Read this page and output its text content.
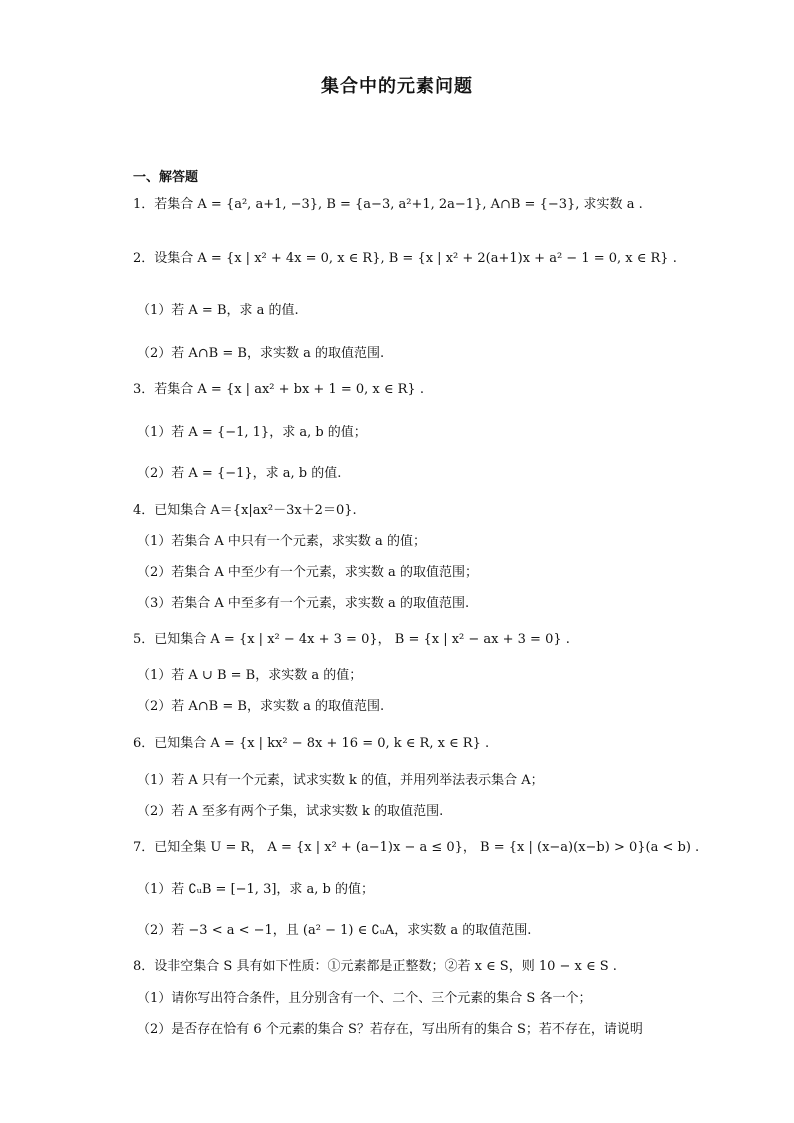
集合中的元素问题
一、解答题
1．若集合 A = {a², a+1, −3}, B = {a−3, a²+1, 2a−1}, A∩B = {−3}, 求实数 a .
2．设集合 A = {x | x² + 4x = 0, x ∈ R}, B = {x | x² + 2(a+1)x + a² − 1 = 0, x ∈ R} .
（1）若 A = B，求 a 的值.
（2）若 A∩B = B，求实数 a 的取值范围.
3．若集合 A = {x | ax² + bx + 1 = 0, x ∈ R} .
（1）若 A = {−1, 1}，求 a, b 的值；
（2）若 A = {−1}，求 a, b 的值.
4．已知集合 A＝{x|ax²－3x＋2＝0}.
（1）若集合 A 中只有一个元素，求实数 a 的值；
（2）若集合 A 中至少有一个元素，求实数 a 的取值范围；
（3）若集合 A 中至多有一个元素，求实数 a 的取值范围.
5．已知集合 A = {x | x² − 4x + 3 = 0}， B = {x | x² − ax + 3 = 0} .
（1）若 A ∪ B = B，求实数 a 的值；
（2）若 A∩B = B，求实数 a 的取值范围.
6．已知集合 A = {x | kx² − 8x + 16 = 0, k ∈ R, x ∈ R} .
（1）若 A 只有一个元素，试求实数 k 的值，并用列举法表示集合 A；
（2）若 A 至多有两个子集，试求实数 k 的取值范围.
7．已知全集 U = R， A = {x | x² + (a−1)x − a ≤ 0}， B = {x | (x−a)(x−b) > 0}(a < b) .
（1）若 ∁ᵤB = [−1, 3]，求 a, b 的值；
（2）若 −3 < a < −1，且 (a² − 1) ∈ ∁ᵤA，求实数 a 的取值范围.
8．设非空集合 S 具有如下性质：①元素都是正整数；②若 x ∈ S，则 10 − x ∈ S .
（1）请你写出符合条件，且分别含有一个、二个、三个元素的集合 S 各一个；
（2）是否存在恰有 6 个元素的集合 S？若存在，写出所有的集合 S；若不存在，请说明
